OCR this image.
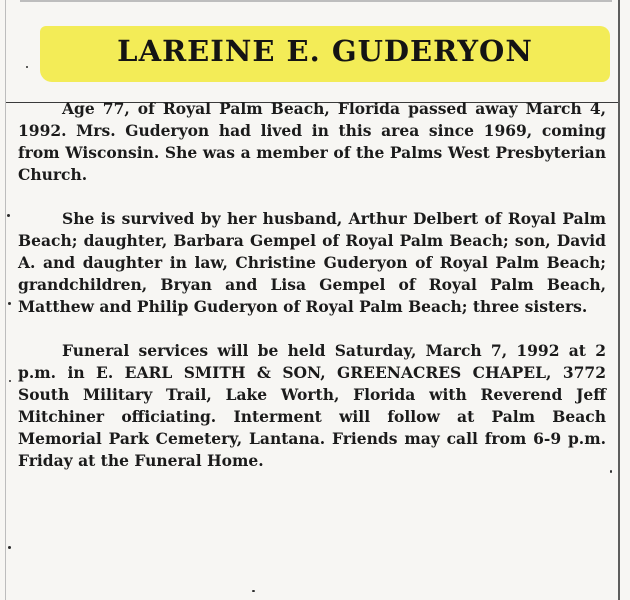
LAREINE E. GUDERYON

Age 77, of Royal Palm Beach, Florida passed away March 4, 1992. Mrs. Guderyon had lived in this area since 1969, coming from Wisconsin. She was a member of the Palms West Presbyterian Church.

She is survived by her husband, Arthur Delbert of Royal Palm Beach; daughter, Barbara Gempel of Royal Palm Beach; son, David A. and daughter in law, Christine Guderyon of Royal Palm Beach; grandchildren, Bryan and Lisa Gempel of Royal Palm Beach, Matthew and Philip Guderyon of Royal Palm Beach; three sisters.

Funeral services will be held Saturday, March 7, 1992 at 2 p.m. in E. EARL SMITH & SON, GREENACRES CHAPEL, 3772 South Military Trail, Lake Worth, Florida with Reverend Jeff Mitchiner officiating. Interment will follow at Palm Beach Memorial Park Cemetery, Lantana. Friends may call from 6-9 p.m. Friday at the Funeral Home.
